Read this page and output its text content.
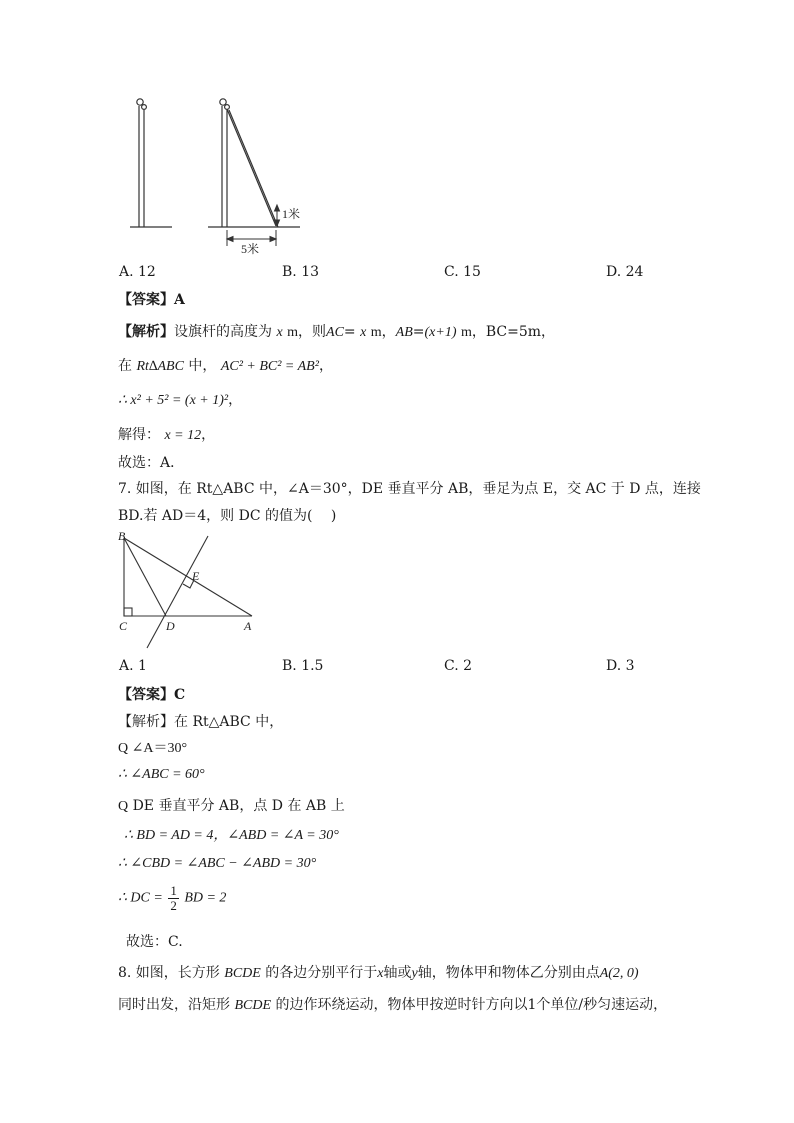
1米
5米
A. 12	B. 13	C. 15	D. 24
【答案】A
【解析】设旗杆的高度为 x m，则AC= x m，AB=(x+1) m，BC=5m，
在 Rt∆ABC 中， AC² + BC² = AB²，
∴ x² + 5² = (x + 1)²，
解得： x = 12，
故选：A．
7. 如图，在 Rt△ABC 中，∠A＝30°，DE 垂直平分 AB，垂足为点 E，交 AC 于 D 点，连接
BD.若 AD＝4，则 DC 的值为(　 )
B
C	D	A
E
A. 1	B. 1.5	C. 2	D. 3
【答案】C
【解析】在 Rt△ABC 中，
Q ∠A＝30°
∴ ∠ABC = 60°
Q DE 垂直平分 AB，点 D 在 AB 上
∴ BD = AD = 4，∠ABD = ∠A = 30°
∴ ∠CBD = ∠ABC − ∠ABD = 30°
∴ DC = $\frac{1}{2}$ BD = 2
故选：C.
8. 如图，长方形 BCDE 的各边分别平行于x轴或y轴，物体甲和物体乙分别由点A(2, 0)
同时出发，沿矩形 BCDE 的边作环绕运动，物体甲按逆时针方向以1个单位/秒匀速运动，
